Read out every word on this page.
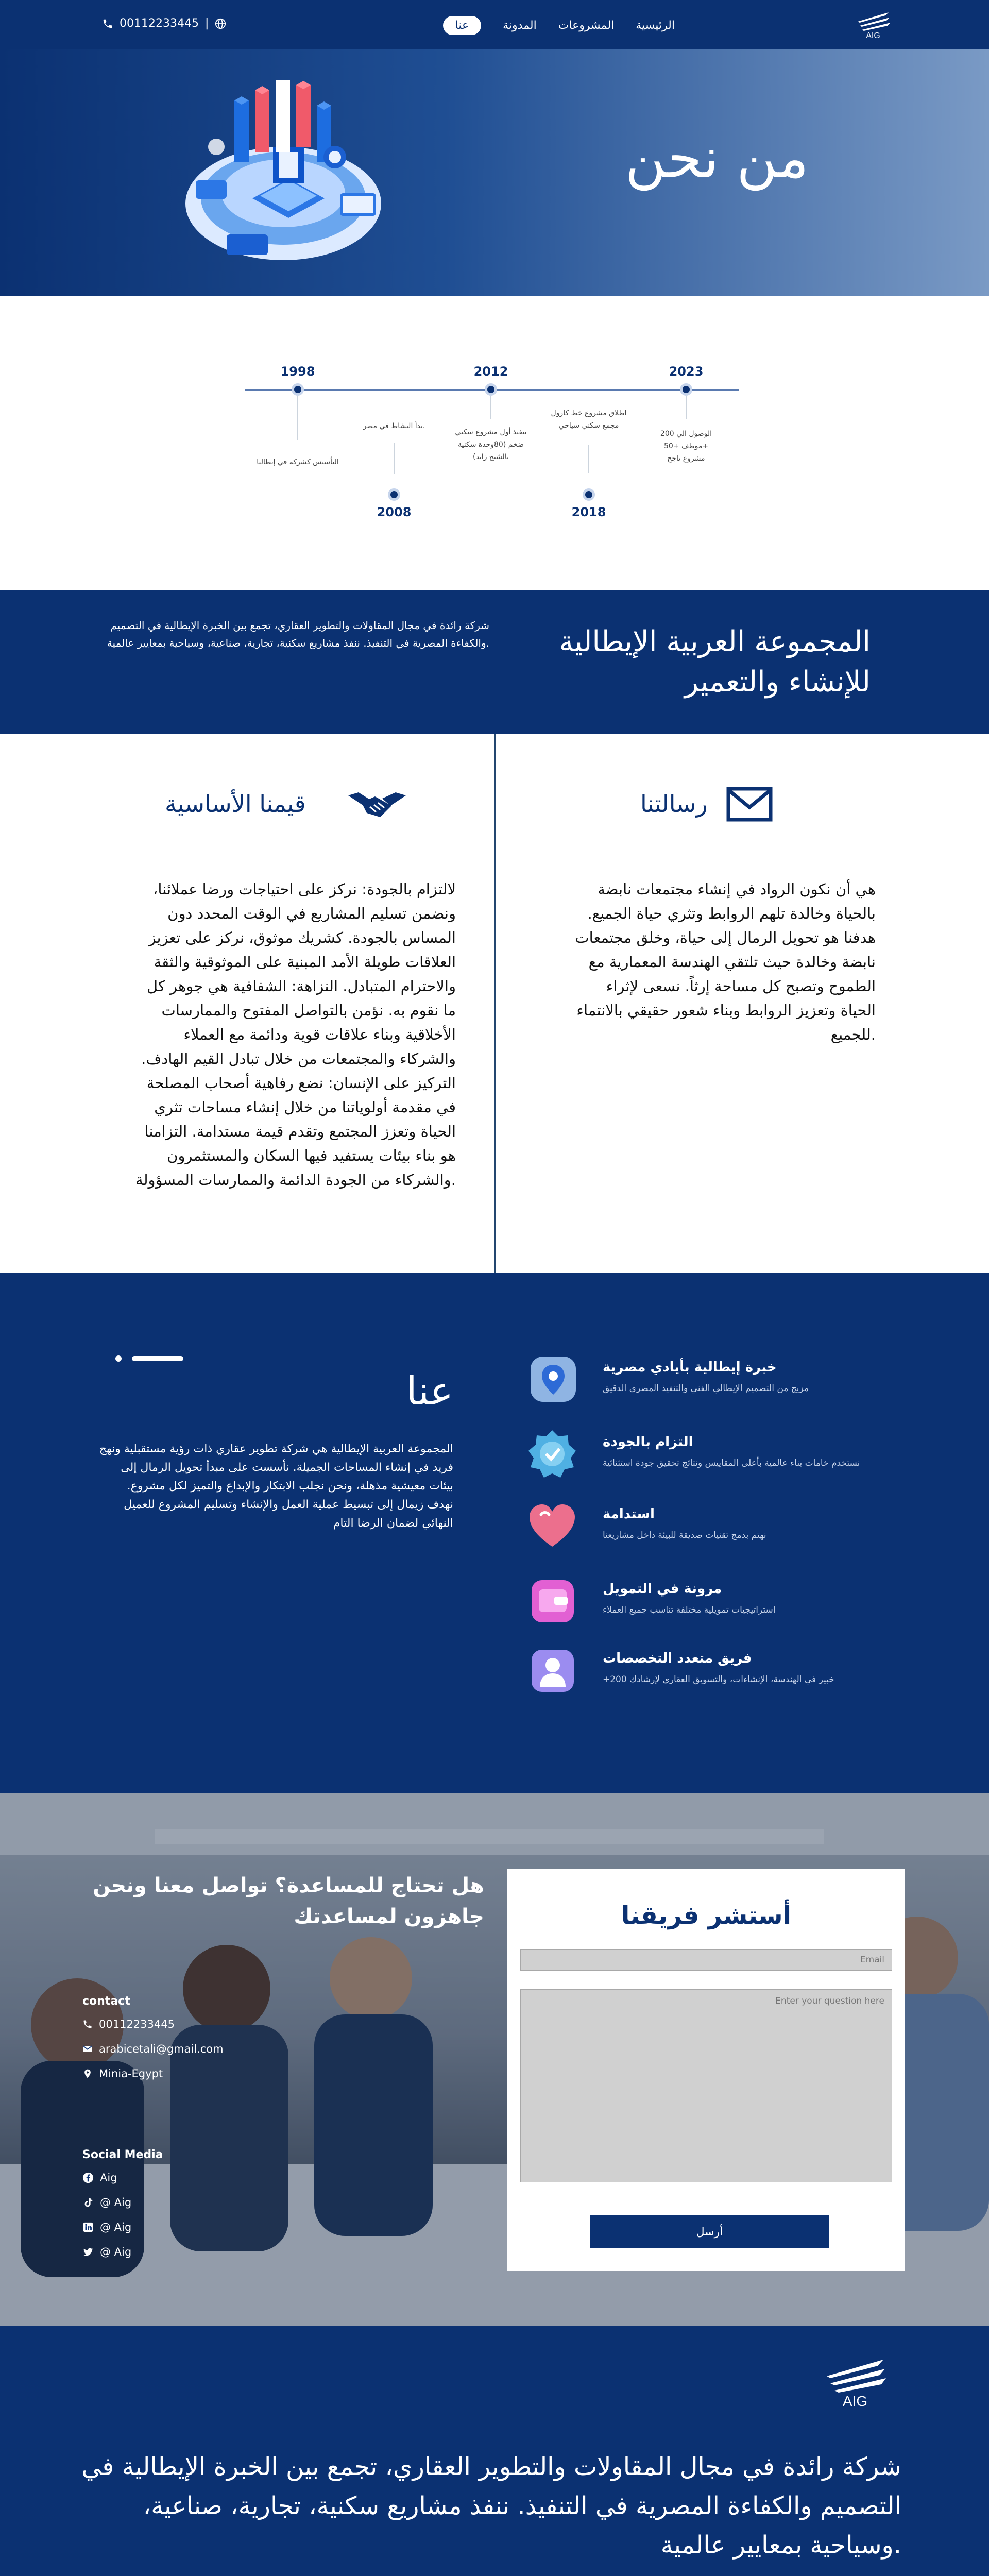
AIG
الرئيسية
المشروعات
المدونة
عنا
00112233445 |
من نحن
1998
التأسيس كشركة في إيطاليا
بدأ النشاط في مصر.
2008
2012
تنفيذ أول مشروع سكني ضخم (80وحدة سكنية بالشيخ زايد)
اطلاق مشروع خط كارول مجمع سكني سياحي
2018
2023
الوصول الي 200 +موظف +50 مشروع ناجح
المجموعة العربية الإيطالية للإنشاء والتعمير

شركة رائدة في مجال المقاولات والتطوير العقاري، تجمع بين الخبرة الإيطالية في التصميم والكفاءة المصرية في التنفيذ. ننفذ مشاريع سكنية، تجارية، صناعية، وسياحية بمعايير عالمية.

رسالتنا
هي أن نكون الرواد في إنشاء مجتمعات نابضة بالحياة وخالدة تلهم الروابط وتثري حياة الجميع. هدفنا هو تحويل الرمال إلى حياة، وخلق مجتمعات نابضة وخالدة حيث تلتقي الهندسة المعمارية مع الطموح وتصبح كل مساحة إرثاً. نسعى لإثراء الحياة وتعزيز الروابط وبناء شعور حقيقي بالانتماء للجميع.
قيمنا الأساسية
لالتزام بالجودة: نركز على احتياجات ورضا عملائنا، ونضمن تسليم المشاريع في الوقت المحدد دون المساس بالجودة. كشريك موثوق، نركز على تعزيز العلاقات طويلة الأمد المبنية على الموثوقية والثقة والاحترام المتبادل. النزاهة: الشفافية هي جوهر كل ما نقوم به. نؤمن بالتواصل المفتوح والممارسات الأخلاقية وبناء علاقات قوية ودائمة مع العملاء والشركاء والمجتمعات من خلال تبادل القيم الهادف. التركيز على الإنسان: نضع رفاهية أصحاب المصلحة في مقدمة أولوياتنا من خلال إنشاء مساحات تثري الحياة وتعزز المجتمع وتقدم قيمة مستدامة. التزامنا هو بناء بيئات يستفيد فيها السكان والمستثمرون والشركاء من الجودة الدائمة والممارسات المسؤولة.
عنا

المجموعة العربية الإيطالية هي شركة تطوير عقاري ذات رؤية مستقبلية ونهج فريد في إنشاء المساحات الجميلة. نأسست على مبدأ تحويل الرمال إلى بيئات معيشية مذهلة، ونحن نجلب الابتكار والإبداع والتميز لكل مشروع. نهدف زيمال إلى تبسيط عملية العمل والإنشاء وتسليم المشروع للعميل النهائي لضمان الرضا التام

خبرة إيطالية بأيادي مصرية
مزيج من التصميم الإيطالي الفني والتنفيذ المصري الدقيق
التزام بالجودة
نستخدم خامات بناء عالمية بأعلى المقاييس ونتائج تحقيق جودة استثنائية
استدامة
نهتم بدمج تقنيات صديقة للبيئة داخل مشاريعنا
مرونة في التمويل
استراتيجيات تمويلية مختلفة تناسب جميع العملاء
فريق متعدد التخصصات
+200 خبير في الهندسة، الإنشاءات، والتسويق العقاري لإرشادك
هل تحتاج للمساعدة؟ تواصل معنا ونحن جاهزون لمساعدتك
contact
00112233445
arabicetali@gmail.com
Minia-Egypt
Social Media
Aig
@ Aig
@ Aig
@ Aig
أستشر فريقنا
Email
Enter your question here
أرسل
AIG

شركة رائدة في مجال المقاولات والتطوير العقاري، تجمع بين الخبرة الإيطالية في التصميم والكفاءة المصرية في التنفيذ. ننفذ مشاريع سكنية، تجارية، صناعية، وسياحية بمعايير عالمية.
